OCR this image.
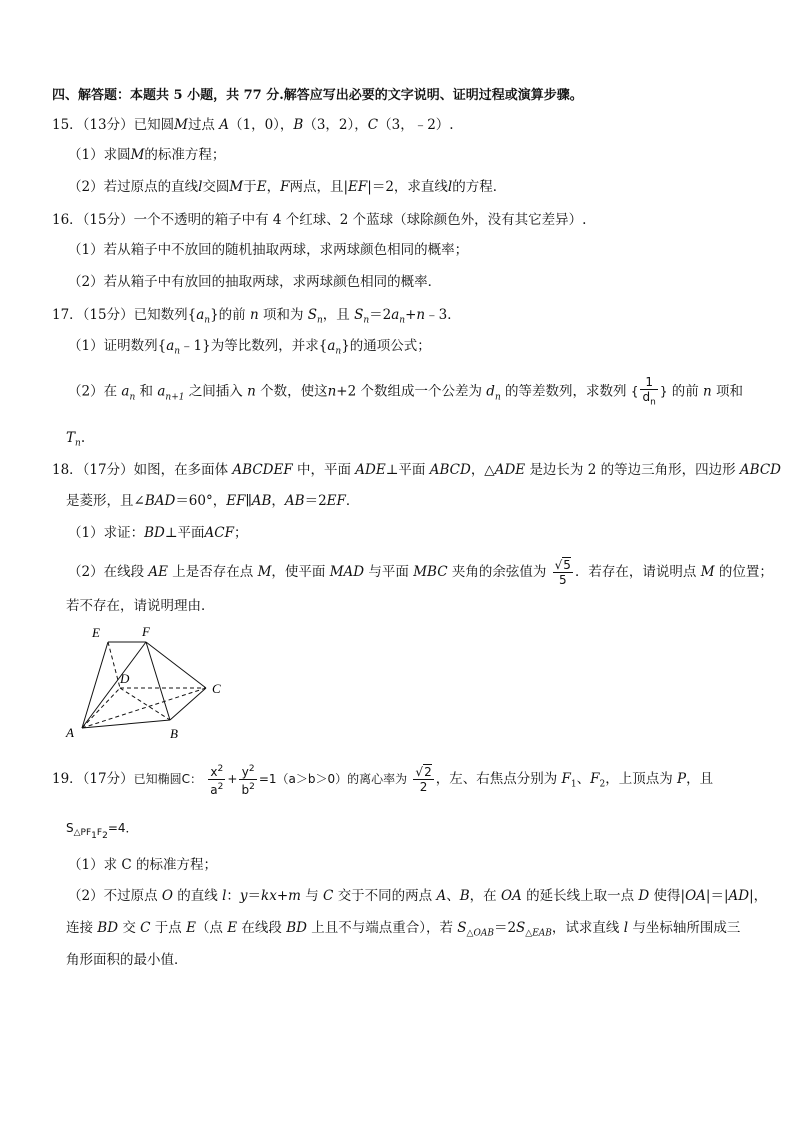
四、解答题：本题共 5 小题，共 77 分.解答应写出必要的文字说明、证明过程或演算步骤。
15．（13分）已知圆M过点 A（1，0），B（3，2），C（3，﹣2）.
（1）求圆M的标准方程；
（2）若过原点的直线l交圆M于E，F两点，且|EF|＝2，求直线l的方程．
16．（15分）一个不透明的箱子中有 4 个红球、2 个蓝球（球除颜色外，没有其它差异）.
（1）若从箱子中不放回的随机抽取两球，求两球颜色相同的概率；
（2）若从箱子中有放回的抽取两球，求两球颜色相同的概率．
17．（15分）已知数列$\{a_n\}$的前 n 项和为 $S_n$，且 $S_n=2a_n+n﹣3$．
（1）证明数列$\{a_n﹣1\}$为等比数列，并求$\{a_n\}$的通项公式；
（2）在 $a_n$ 和 $a_{n+1}$ 之间插入 n 个数，使这n+2 个数组成一个公差为 $d_n$ 的等差数列，求数列 { $\frac{1}{d_n}$ } 的前 n 项和
$T_n$.
18．（17分）如图，在多面体 ABCDEF 中，平面 ADE⊥平面 ABCD，△ADE 是边长为 2 的等边三角形，四边形 ABCD
是菱形，且∠BAD＝60°，EF∥AB，AB＝2EF．
（1）求证：BD⊥平面ACF；
（2）在线段 AE 上是否存在点 M，使平面 MAD 与平面 MBC 夹角的余弦值为 $\frac{√5}{5}$ ．若存在，请说明点 M 的位置；
若不存在，请说明理由．
E	F
D
C
A	B
19．（17分）已知椭圆C： $\frac{x^2}{a^2} + \frac{y^2}{b^2} =1(a>b>0)$的离心率为 $\frac{√2}{2}$ ，左、右焦点分别为 $F_1$、$F_2$，上顶点为 P，且
$S_{\triangle PF_1F_2}=4$．
（1）求 C 的标准方程；
（2）不过原点 O 的直线 l：y＝kx+m 与 C 交于不同的两点 A、B，在 OA 的延长线上取一点 D 使得|OA|＝|AD|，
连接 BD 交 C 于点 E（点 E 在线段 BD 上且不与端点重合），若 $S_{\triangle OAB}=2S_{\triangle EAB}$，试求直线 l 与坐标轴所围成三
角形面积的最小值．
